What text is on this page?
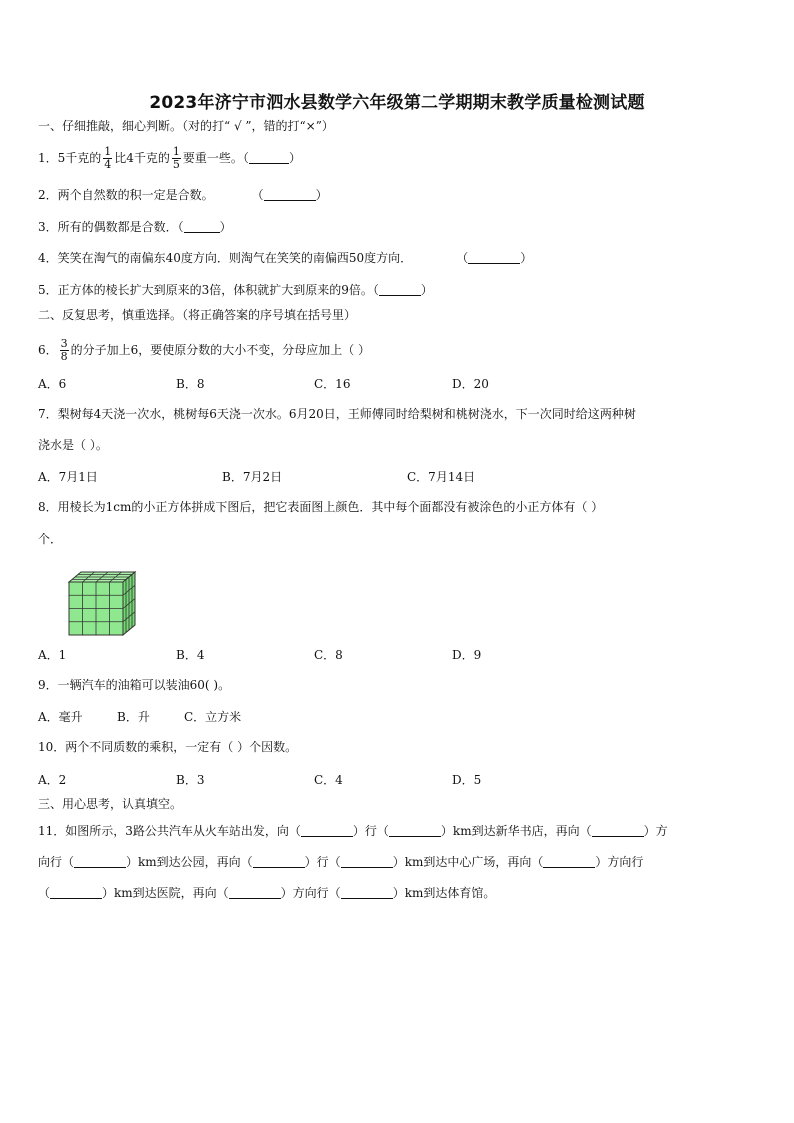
2023年济宁市泗水县数学六年级第二学期期末教学质量检测试题
一、仔细推敲，细心判断。（对的打“ √ ”，错的打“×”）
1．5千克的 $\frac{1}{4}$ 比4千克的 $\frac{1}{5}$ 要重一些。（	）
2．两个自然数的积一定是合数。	（	）
3．所有的偶数都是合数．（	）
4．笑笑在淘气的南偏东40度方向．则淘气在笑笑的南偏西50度方向．	（	）
5．正方体的棱长扩大到原来的3倍，体积就扩大到原来的9倍。（	）
二、反复思考，慎重选择。（将正确答案的序号填在括号里）
6． $\frac{3}{8}$ 的分子加上6，要使原分数的大小不变，分母应加上（ ）
A．6	B．8	C．16	D．20
7．梨树每4天浇一次水，桃树每6天浇一次水。6月20日，王师傅同时给梨树和桃树浇水，下一次同时给这两种树
浇水是（ ）。
A．7月1日	B．7月2日	C．7月14日
8．用棱长为1cm的小正方体拼成下图后，把它表面图上颜色．其中每个面都没有被涂色的小正方体有（ ）
个．
A．1	B．4	C．8	D．9
9．一辆汽车的油箱可以装油60( )。
A．毫升	B．升	C．立方米
10．两个不同质数的乘积，一定有（ ）个因数。
A．2	B．3	C．4	D．5
三、用心思考，认真填空。
11．如图所示，3路公共汽车从火车站出发，向（	）行（	）km到达新华书店，再向（	）方
向行（	）km到达公园，再向（	）行（	）km到达中心广场，再向（	）方向行
（	）km到达医院，再向（	）方向行（	）km到达体育馆。
